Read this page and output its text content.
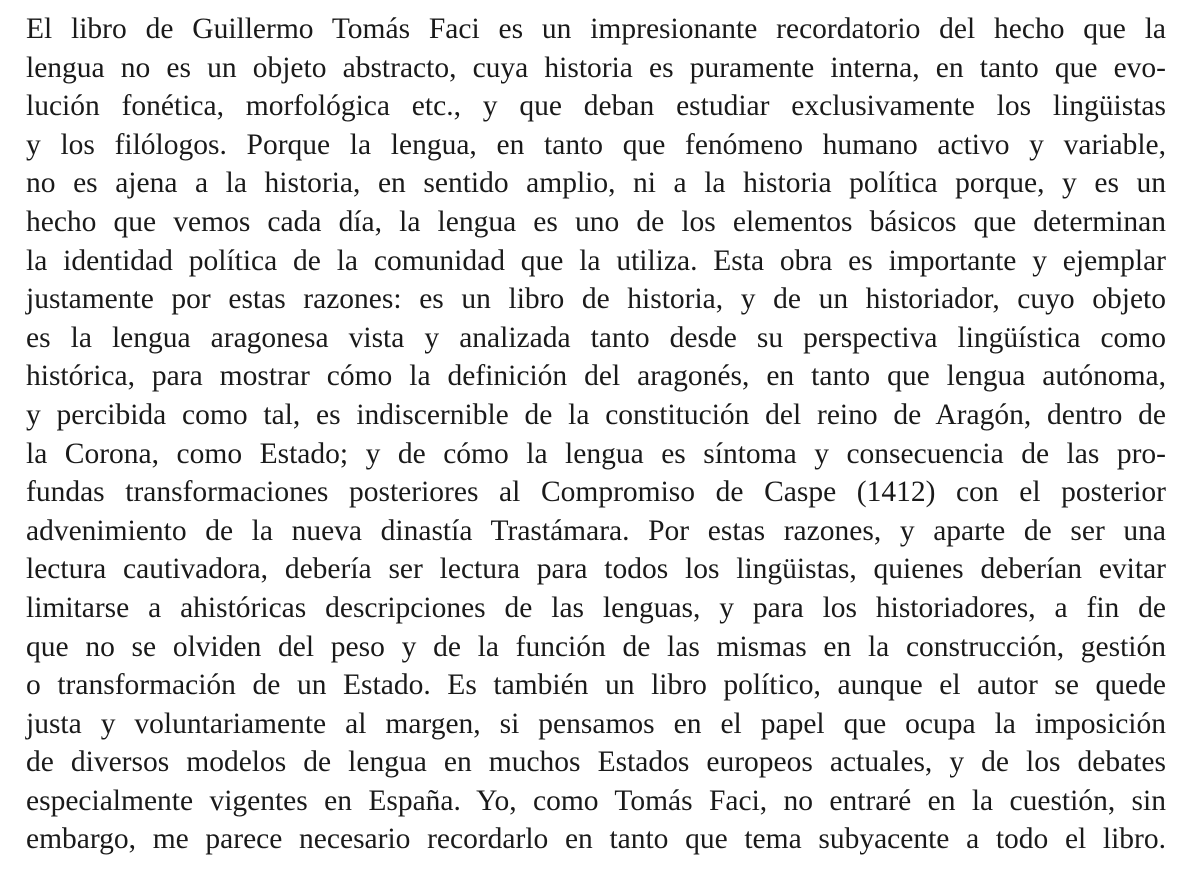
El libro de Guillermo Tomás Faci es un impresionante recordatorio del hecho que la
lengua no es un objeto abstracto, cuya historia es puramente interna, en tanto que evo-
lución fonética, morfológica etc., y que deban estudiar exclusivamente los lingüistas
y los filólogos. Porque la lengua, en tanto que fenómeno humano activo y variable,
no es ajena a la historia, en sentido amplio, ni a la historia política porque, y es un
hecho que vemos cada día, la lengua es uno de los elementos básicos que determinan
la identidad política de la comunidad que la utiliza. Esta obra es importante y ejemplar
justamente por estas razones: es un libro de historia, y de un historiador, cuyo objeto
es la lengua aragonesa vista y analizada tanto desde su perspectiva lingüística como
histórica, para mostrar cómo la definición del aragonés, en tanto que lengua autónoma,
y percibida como tal, es indiscernible de la constitución del reino de Aragón, dentro de
la Corona, como Estado; y de cómo la lengua es síntoma y consecuencia de las pro-
fundas transformaciones posteriores al Compromiso de Caspe (1412) con el posterior
advenimiento de la nueva dinastía Trastámara. Por estas razones, y aparte de ser una
lectura cautivadora, debería ser lectura para todos los lingüistas, quienes deberían evitar
limitarse a ahistóricas descripciones de las lenguas, y para los historiadores, a fin de
que no se olviden del peso y de la función de las mismas en la construcción, gestión
o transformación de un Estado. Es también un libro político, aunque el autor se quede
justa y voluntariamente al margen, si pensamos en el papel que ocupa la imposición
de diversos modelos de lengua en muchos Estados europeos actuales, y de los debates
especialmente vigentes en España. Yo, como Tomás Faci, no entraré en la cuestión, sin
embargo, me parece necesario recordarlo en tanto que tema subyacente a todo el libro.
